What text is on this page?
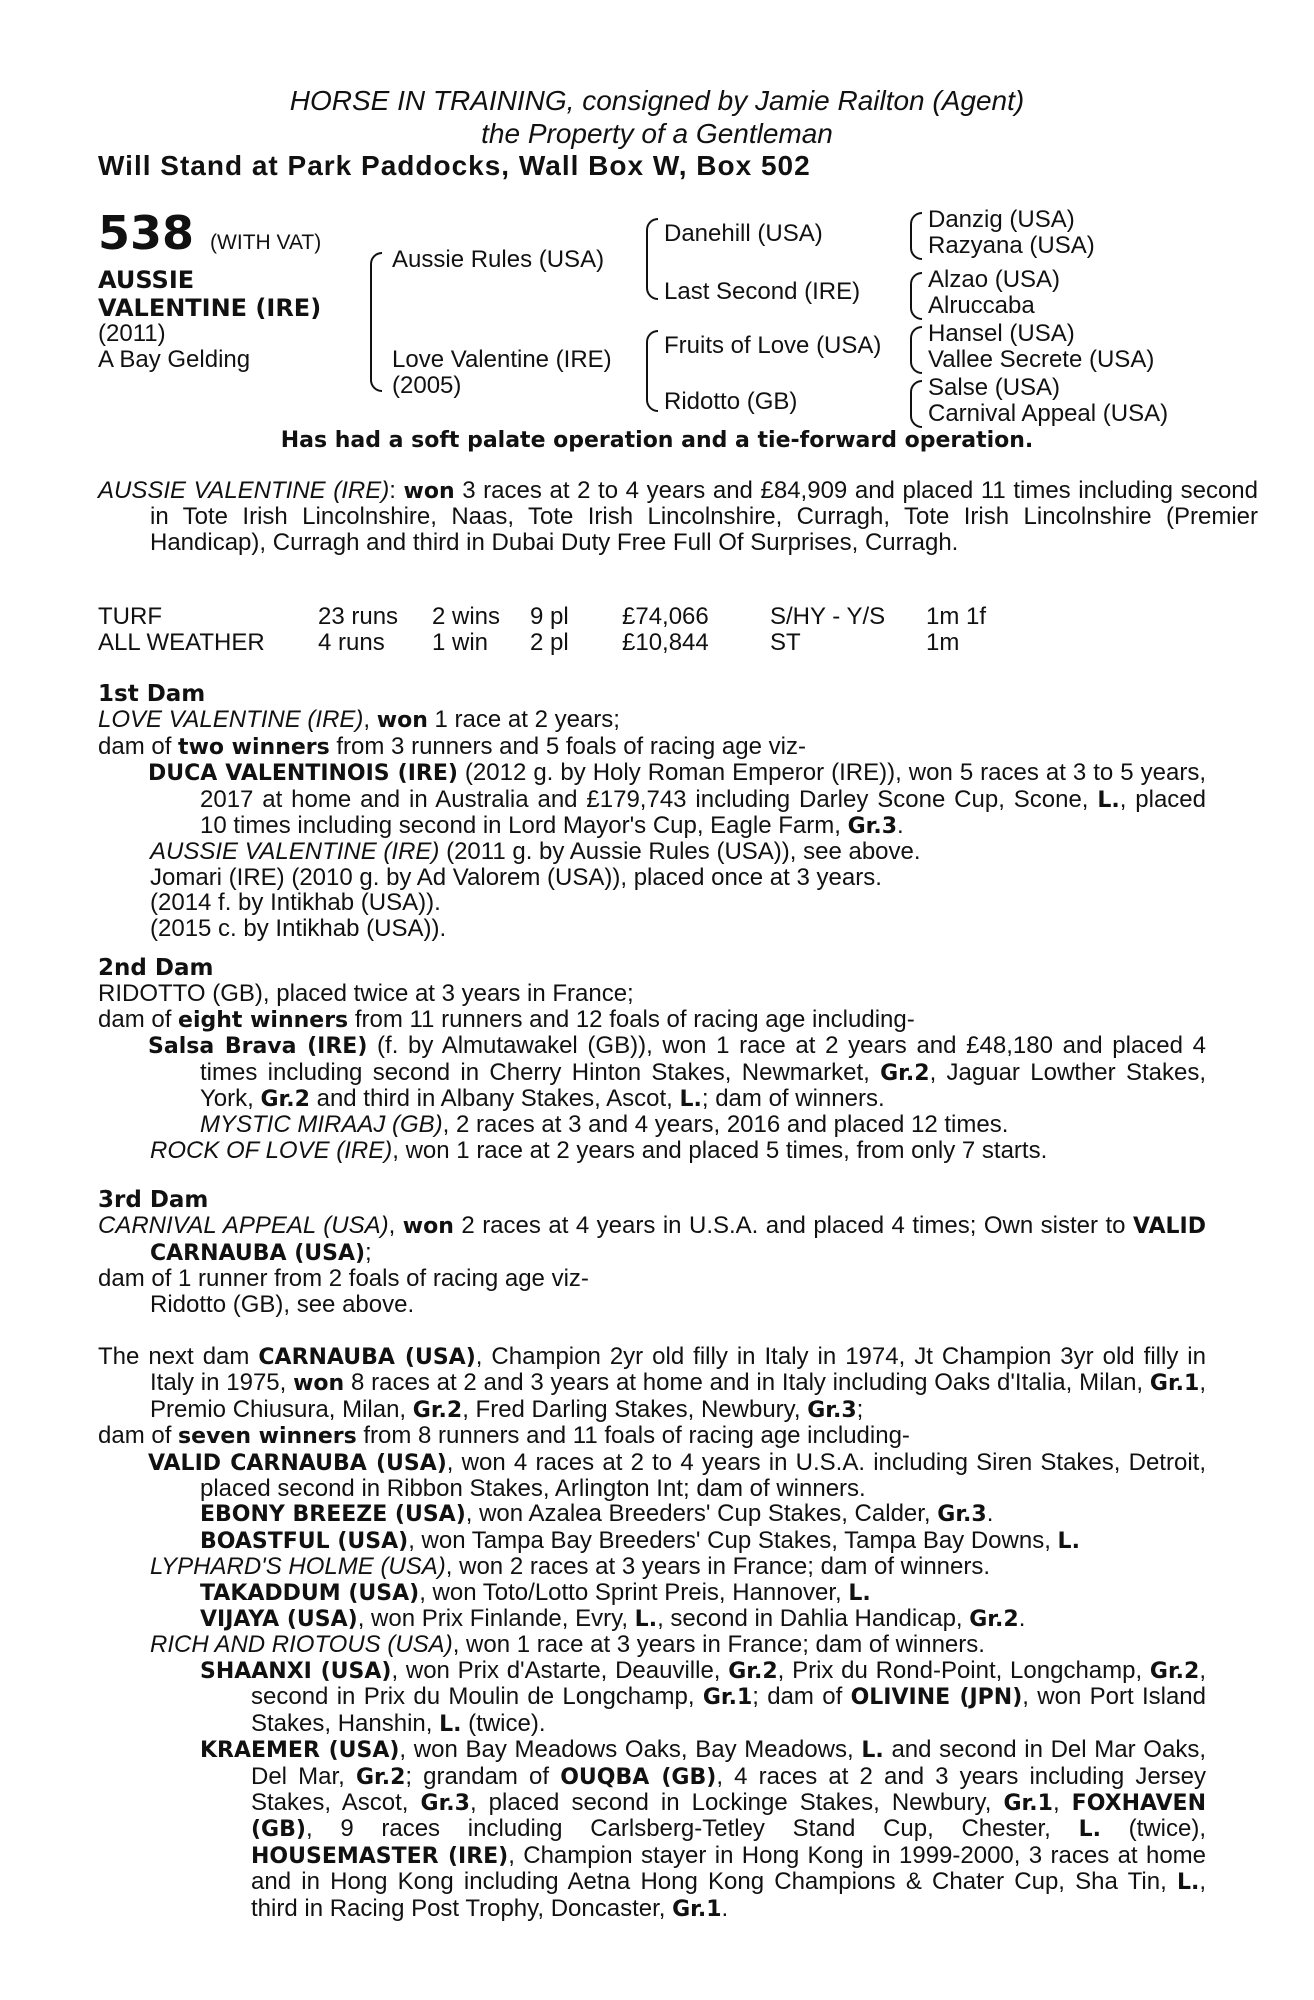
HORSE IN TRAINING, consigned by Jamie Railton (Agent)
the Property of a Gentleman
Will Stand at Park Paddocks, Wall Box W, Box 502
538 (WITH VAT)
AUSSIE
VALENTINE (IRE)
(2011)
A Bay Gelding
Aussie Rules (USA)
Love Valentine (IRE)
(2005)
Danehill (USA)
Last Second (IRE)
Fruits of Love (USA)
Ridotto (GB)
Danzig (USA)
Razyana (USA)
Alzao (USA)
Alruccaba
Hansel (USA)
Vallee Secrete (USA)
Salse (USA)
Carnival Appeal (USA)
Has had a soft palate operation and a tie-forward operation.
AUSSIE VALENTINE (IRE): won 3 races at 2 to 4 years and £84,909 and placed 11 times including second in Tote Irish Lincolnshire, Naas, Tote Irish Lincolnshire, Curragh, Tote Irish Lincolnshire (Premier Handicap), Curragh and third in Dubai Duty Free Full Of Surprises, Curragh.
TURF	23 runs 2 wins 9 pl £74,066	S/HY - Y/S 1m 1f
ALL WEATHER 4 runs 1 win 2 pl £10,844	ST	1m
1st Dam
LOVE VALENTINE (IRE), won 1 race at 2 years;
dam of two winners from 3 runners and 5 foals of racing age viz-
DUCA VALENTINOIS (IRE) (2012 g. by Holy Roman Emperor (IRE)), won 5 races at 3 to 5 years, 2017 at home and in Australia and £179,743 including Darley Scone Cup, Scone, L., placed 10 times including second in Lord Mayor's Cup, Eagle Farm, Gr.3.
AUSSIE VALENTINE (IRE) (2011 g. by Aussie Rules (USA)), see above.
Jomari (IRE) (2010 g. by Ad Valorem (USA)), placed once at 3 years.
(2014 f. by Intikhab (USA)).
(2015 c. by Intikhab (USA)).
2nd Dam
RIDOTTO (GB), placed twice at 3 years in France;
dam of eight winners from 11 runners and 12 foals of racing age including-
Salsa Brava (IRE) (f. by Almutawakel (GB)), won 1 race at 2 years and £48,180 and placed 4 times including second in Cherry Hinton Stakes, Newmarket, Gr.2, Jaguar Lowther Stakes, York, Gr.2 and third in Albany Stakes, Ascot, L.; dam of winners.
MYSTIC MIRAAJ (GB), 2 races at 3 and 4 years, 2016 and placed 12 times.
ROCK OF LOVE (IRE), won 1 race at 2 years and placed 5 times, from only 7 starts.
3rd Dam
CARNIVAL APPEAL (USA), won 2 races at 4 years in U.S.A. and placed 4 times; Own sister to VALID CARNAUBA (USA);
dam of 1 runner from 2 foals of racing age viz-
Ridotto (GB), see above.
The next dam CARNAUBA (USA), Champion 2yr old filly in Italy in 1974, Jt Champion 3yr old filly in Italy in 1975, won 8 races at 2 and 3 years at home and in Italy including Oaks d'Italia, Milan, Gr.1, Premio Chiusura, Milan, Gr.2, Fred Darling Stakes, Newbury, Gr.3;
dam of seven winners from 8 runners and 11 foals of racing age including-
VALID CARNAUBA (USA), won 4 races at 2 to 4 years in U.S.A. including Siren Stakes, Detroit, placed second in Ribbon Stakes, Arlington Int; dam of winners.
EBONY BREEZE (USA), won Azalea Breeders' Cup Stakes, Calder, Gr.3.
BOASTFUL (USA), won Tampa Bay Breeders' Cup Stakes, Tampa Bay Downs, L.
LYPHARD'S HOLME (USA), won 2 races at 3 years in France; dam of winners.
TAKADDUM (USA), won Toto/Lotto Sprint Preis, Hannover, L.
VIJAYA (USA), won Prix Finlande, Evry, L., second in Dahlia Handicap, Gr.2.
RICH AND RIOTOUS (USA), won 1 race at 3 years in France; dam of winners.
SHAANXI (USA), won Prix d'Astarte, Deauville, Gr.2, Prix du Rond-Point, Longchamp, Gr.2, second in Prix du Moulin de Longchamp, Gr.1; dam of OLIVINE (JPN), won Port Island Stakes, Hanshin, L. (twice).
KRAEMER (USA), won Bay Meadows Oaks, Bay Meadows, L. and second in Del Mar Oaks, Del Mar, Gr.2; grandam of OUQBA (GB), 4 races at 2 and 3 years including Jersey Stakes, Ascot, Gr.3, placed second in Lockinge Stakes, Newbury, Gr.1, FOXHAVEN (GB), 9 races including Carlsberg-Tetley Stand Cup, Chester, L. (twice), HOUSEMASTER (IRE), Champion stayer in Hong Kong in 1999-2000, 3 races at home and in Hong Kong including Aetna Hong Kong Champions & Chater Cup, Sha Tin, L., third in Racing Post Trophy, Doncaster, Gr.1.
